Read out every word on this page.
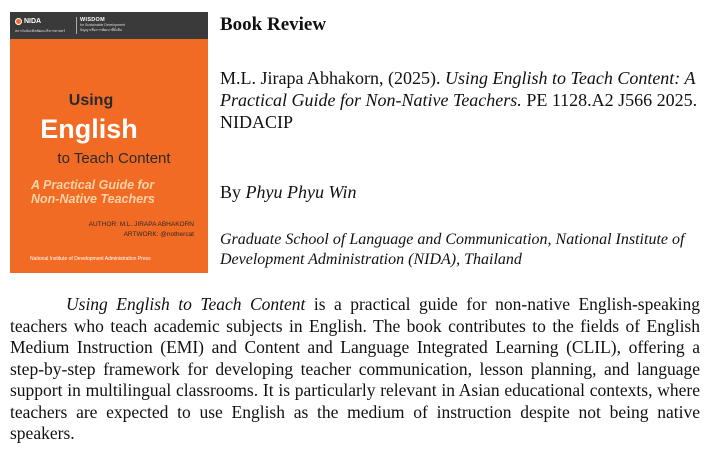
NIDA
สถาบันบัณฑิตพัฒนบริหารศาสตร์
WISDOM
for Sustainable Development
ปัญญาเพื่อการพัฒนาที่ยั่งยืน
Using
English
to Teach Content
A Practical Guide for
Non-Native Teachers
AUTHOR: M.L. JIRAPA ABHAKORN
ARTWORK: @nothercat
National Institute of Development Administration Press
Book Review
M.L. Jirapa Abhakorn, (2025). Using English to Teach Content: A Practical Guide for Non-Native Teachers. PE 1128.A2 J566 2025. NIDACIP
By Phyu Phyu Win
Graduate School of Language and Communication, National Institute of Development Administration (NIDA), Thailand
Using English to Teach Content is a practical guide for non-native English-speaking teachers who teach academic subjects in English. The book contributes to the fields of English Medium Instruction (EMI) and Content and Language Integrated Learning (CLIL), offering a step-by-step framework for developing teacher communication, lesson planning, and language support in multilingual classrooms. It is particularly relevant in Asian educational contexts, where teachers are expected to use English as the medium of instruction despite not being native speakers.
